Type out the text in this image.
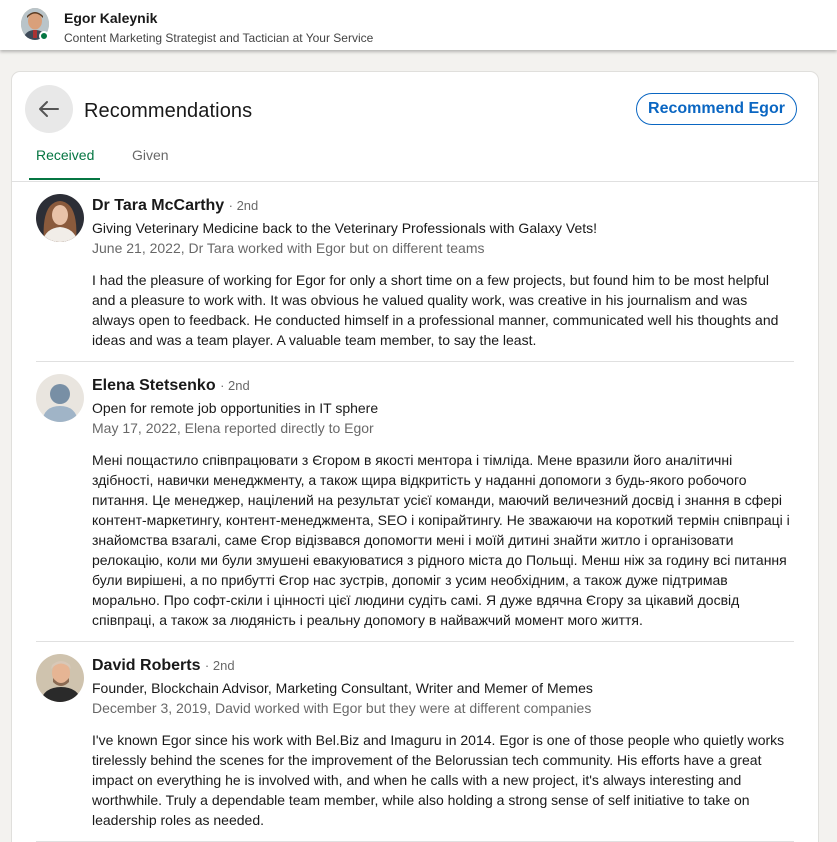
Egor Kaleynik
Content Marketing Strategist and Tactician at Your Service
Recommendations	Recommend Egor
Received	Given
Dr Tara McCarthy · 2nd
Giving Veterinary Medicine back to the Veterinary Professionals with Galaxy Vets!
June 21, 2022, Dr Tara worked with Egor but on different teams
I had the pleasure of working for Egor for only a short time on a few projects, but found him to be most helpful and a pleasure to work with. It was obvious he valued quality work, was creative in his journalism and was always open to feedback. He conducted himself in a professional manner, communicated well his thoughts and ideas and was a team player. A valuable team member, to say the least.
Elena Stetsenko · 2nd
Open for remote job opportunities in IT sphere
May 17, 2022, Elena reported directly to Egor
Мені пощастило співпрацювати з Єгором в якості ментора і тімліда. Мене вразили його аналітичні здібності, навички менеджменту, а також щира відкритість у наданні допомоги з будь-якого робочого питання. Це менеджер, націлений на результат усієї команди, маючий величезний досвід і знання в сфері контент-маркетингу, контент-менеджмента, SEO і копірайтингу. Не зважаючи на короткий термін співпраці і знайомства взагалі, саме Єгор відізвався допомогти мені і моїй дитині знайти житло і організовати релокацію, коли ми були змушені евакуюватися з рідного міста до Польщі. Менш ніж за годину всі питання були вирішені, а по прибутті Єгор нас зустрів, допоміг з усим необхідним, а також дуже підтримав морально. Про софт-скіли і цінності цієї людини судіть самі. Я дуже вдячна Єгору за цікавий досвід співпраці, а також за людяність і реальну допомогу в найважчий момент мого життя.
David Roberts · 2nd
Founder, Blockchain Advisor, Marketing Consultant, Writer and Memer of Memes
December 3, 2019, David worked with Egor but they were at different companies
I've known Egor since his work with Bel.Biz and Imaguru in 2014. Egor is one of those people who quietly works tirelessly behind the scenes for the improvement of the Belorussian tech community. His efforts have a great impact on everything he is involved with, and when he calls with a new project, it's always interesting and worthwhile. Truly a dependable team member, while also holding a strong sense of self initiative to take on leadership roles as needed.
